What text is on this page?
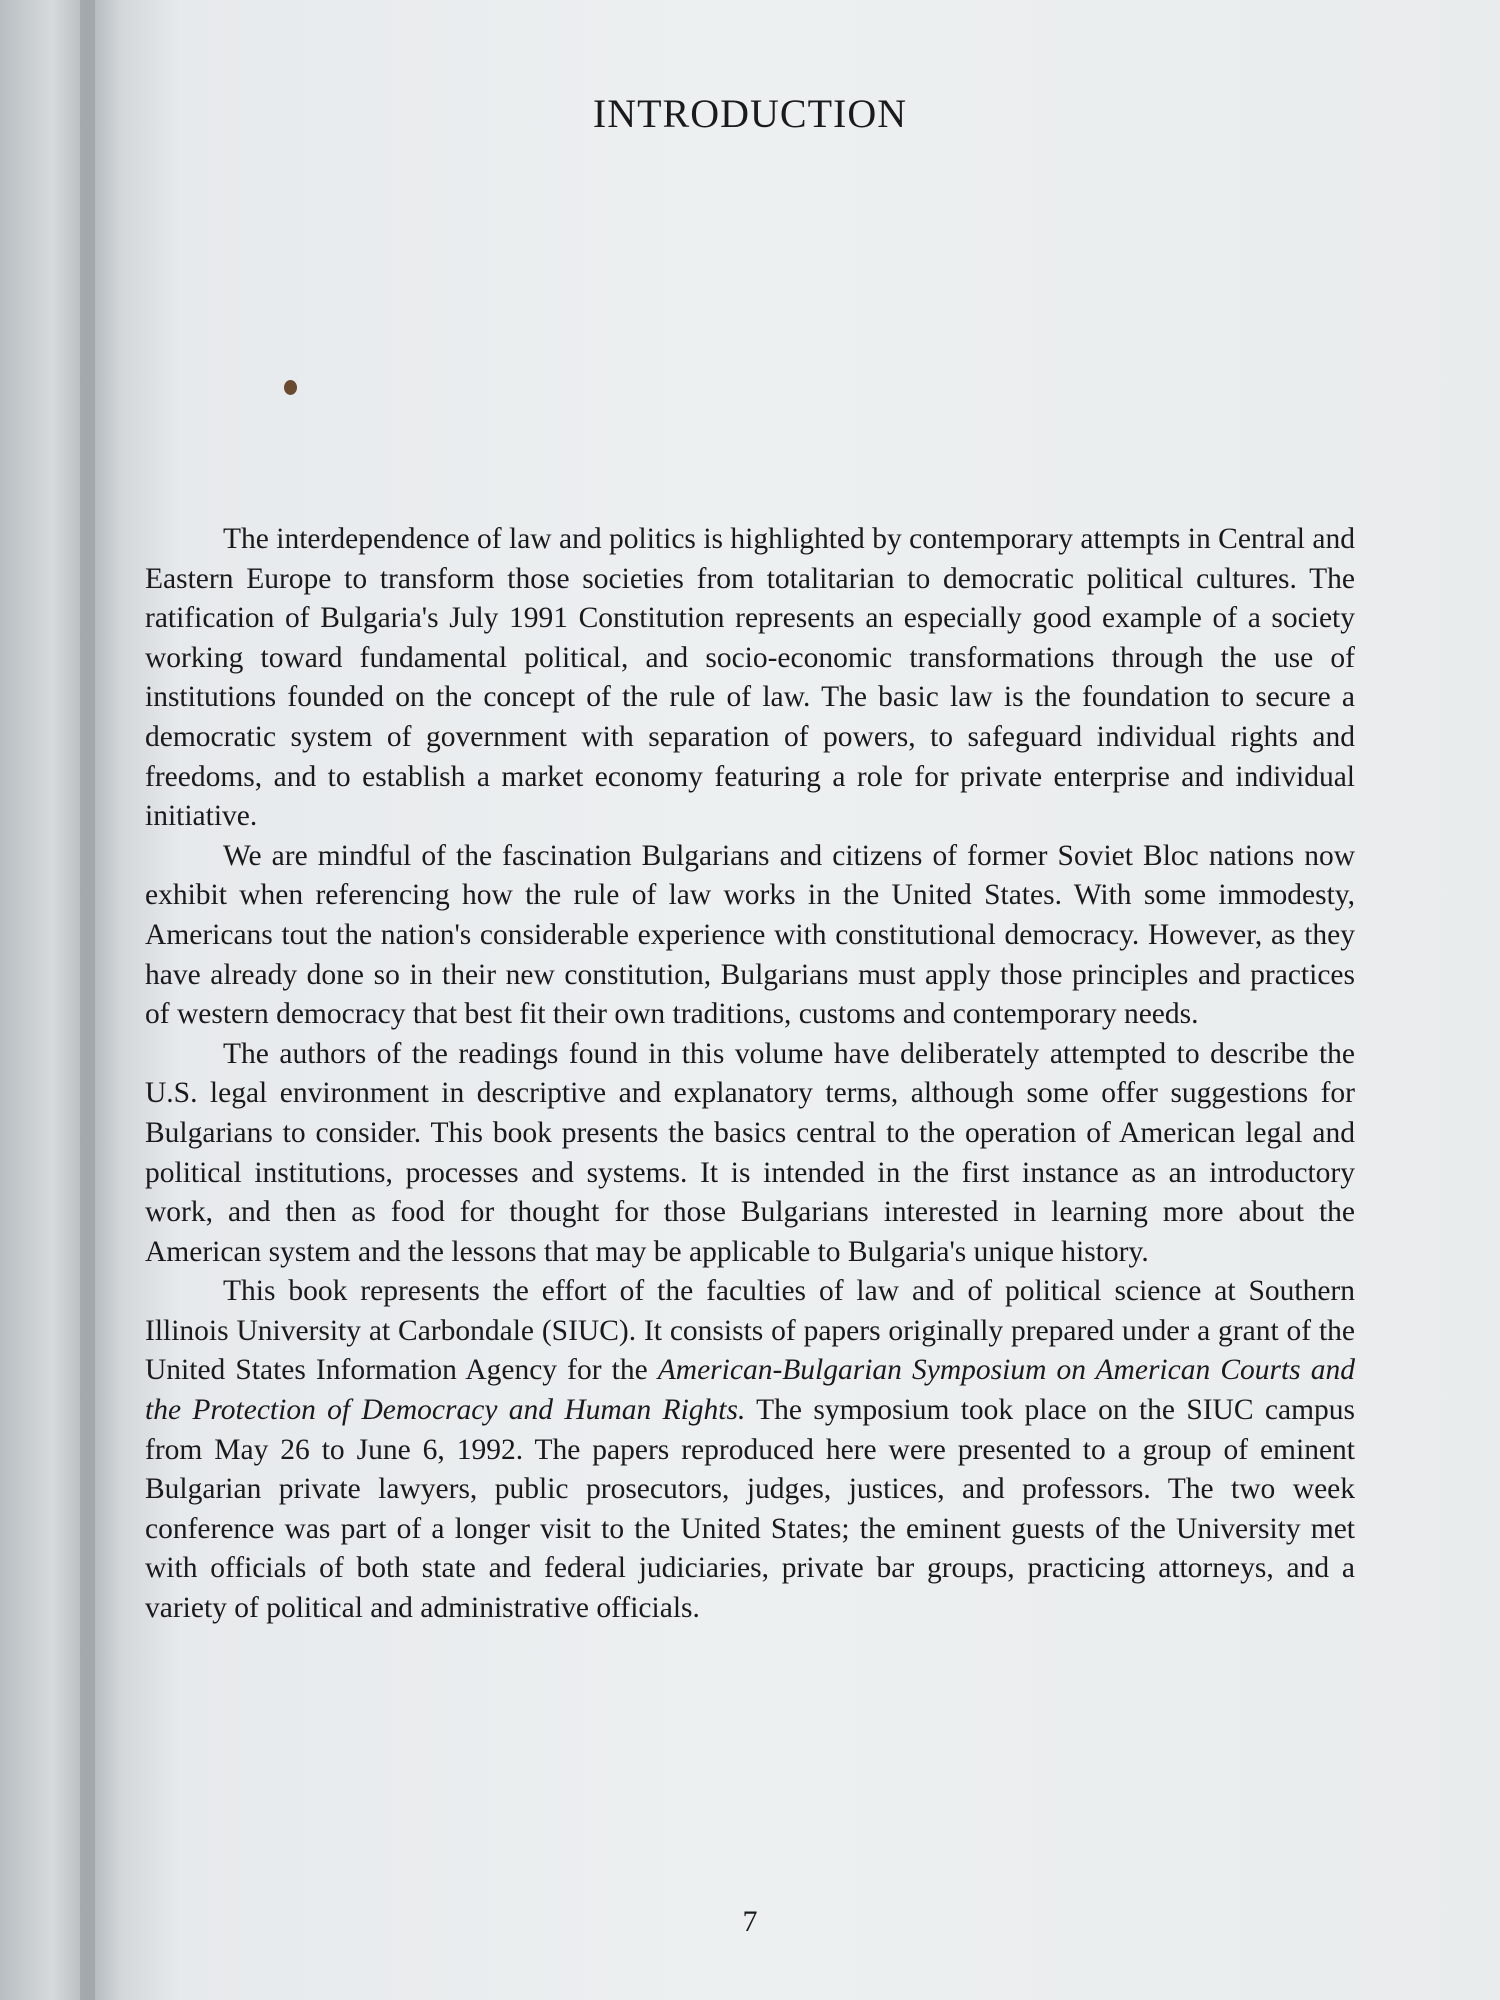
INTRODUCTION

The interdependence of law and politics is highlighted by contemporary attempts in Central and Eastern Europe to transform those societies from totalitarian to democratic political cultures. The ratification of Bulgaria's July 1991 Constitution represents an especially good example of a society working toward fundamental political, and socio-economic transformations through the use of institutions founded on the concept of the rule of law. The basic law is the foundation to secure a democratic system of government with separation of powers, to safeguard individual rights and freedoms, and to establish a market economy featuring a role for private enterprise and individual initiative.

We are mindful of the fascination Bulgarians and citizens of former Soviet Bloc nations now exhibit when referencing how the rule of law works in the United States. With some immodesty, Americans tout the nation's considerable experience with constitutional democracy. However, as they have already done so in their new constitution, Bulgarians must apply those principles and practices of western democracy that best fit their own traditions, customs and contemporary needs.

The authors of the readings found in this volume have deliberately attempted to describe the U.S. legal environment in descriptive and explanatory terms, although some offer suggestions for Bulgarians to consider. This book presents the basics central to the operation of American legal and political institutions, processes and systems. It is intended in the first instance as an introductory work, and then as food for thought for those Bulgarians interested in learning more about the American system and the lessons that may be applicable to Bulgaria's unique history.

This book represents the effort of the faculties of law and of political science at Southern Illinois University at Carbondale (SIUC). It consists of papers originally prepared under a grant of the United States Information Agency for the American-Bulgarian Symposium on American Courts and the Protection of Democracy and Human Rights. The symposium took place on the SIUC campus from May 26 to June 6, 1992. The papers reproduced here were presented to a group of eminent Bulgarian private lawyers, public prosecutors, judges, justices, and professors. The two week conference was part of a longer visit to the United States; the eminent guests of the University met with officials of both state and federal judiciaries, private bar groups, practicing attorneys, and a variety of political and administrative officials.

7
